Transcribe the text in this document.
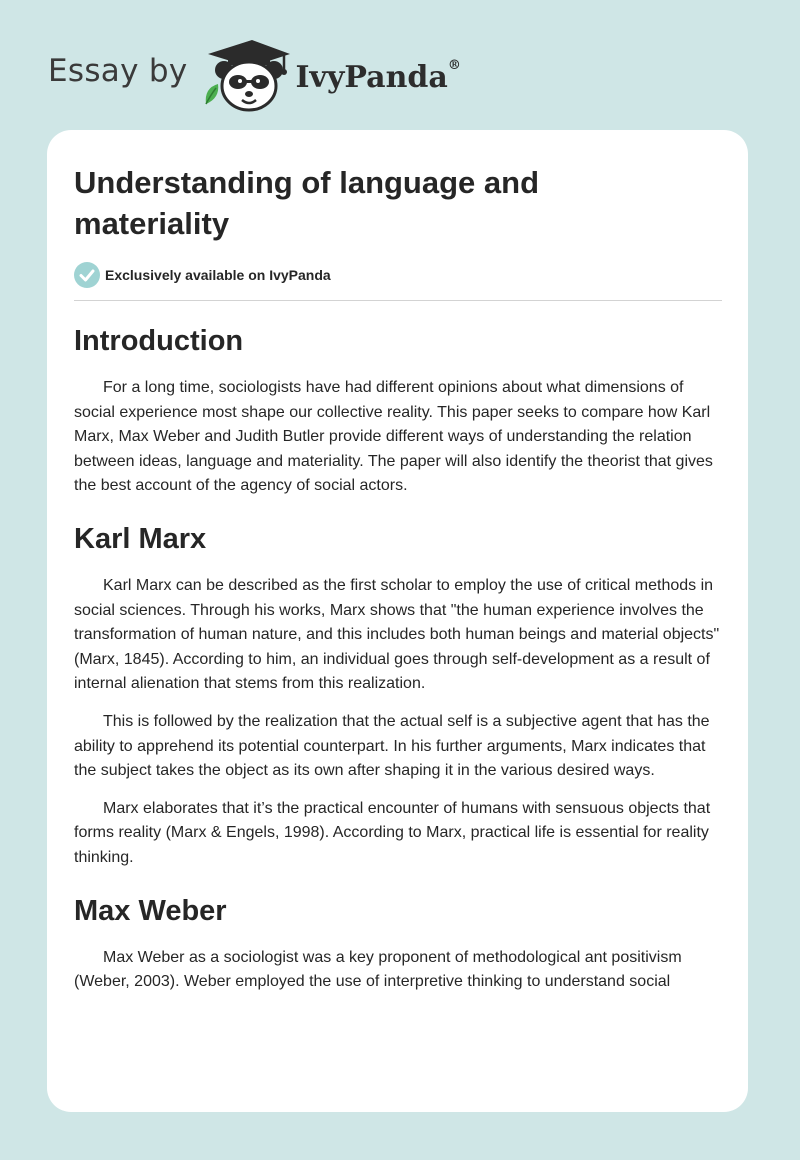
Essay by	IvyPanda®
Understanding of language and materiality
Exclusively available on IvyPanda
Introduction

For a long time, sociologists have had different opinions about what dimensions of social experience most shape our collective reality. This paper seeks to compare how Karl Marx, Max Weber and Judith Butler provide different ways of understanding the relation between ideas, language and materiality. The paper will also identify the theorist that gives the best account of the agency of social actors.

Karl Marx

Karl Marx can be described as the first scholar to employ the use of critical methods in social sciences. Through his works, Marx shows that "the human experience involves the transformation of human nature, and this includes both human beings and material objects" (Marx, 1845). According to him, an individual goes through self-development as a result of internal alienation that stems from this realization.

This is followed by the realization that the actual self is a subjective agent that has the ability to apprehend its potential counterpart. In his further arguments, Marx indicates that the subject takes the object as its own after shaping it in the various desired ways.

Marx elaborates that it’s the practical encounter of humans with sensuous objects that forms reality (Marx & Engels, 1998). According to Marx, practical life is essential for reality thinking.

Max Weber

Max Weber as a sociologist was a key proponent of methodological ant positivism (Weber, 2003). Weber employed the use of interpretive thinking to understand social
